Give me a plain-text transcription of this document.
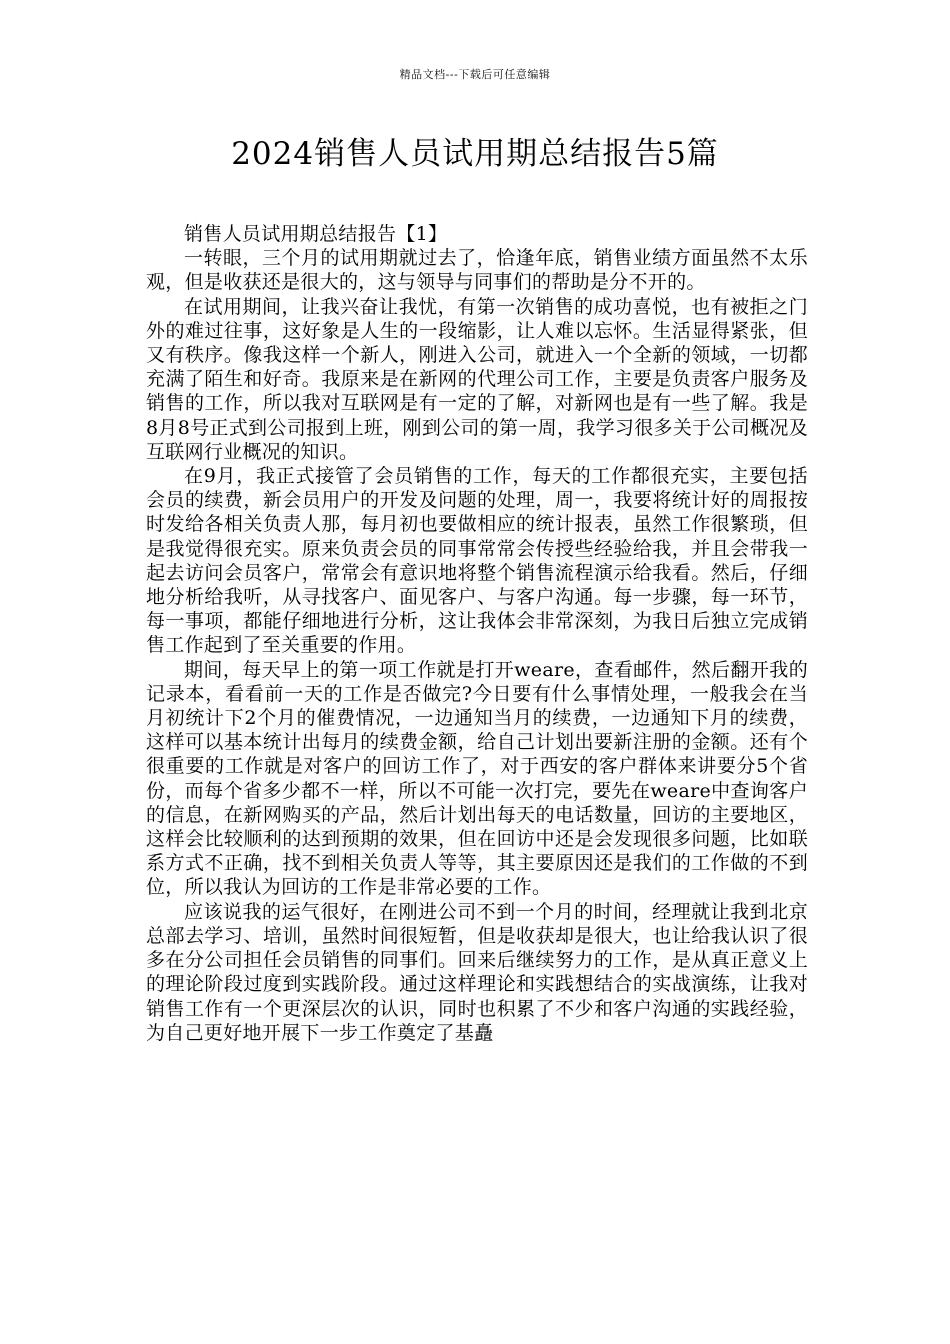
精品文档---下载后可任意编辑
2024销售人员试用期总结报告5篇

销售人员试用期总结报告【1】

一转眼，三个月的试用期就过去了，恰逢年底，销售业绩方面虽然不太乐观，但是收获还是很大的，这与领导与同事们的帮助是分不开的。

在试用期间，让我兴奋让我忧，有第一次销售的成功喜悦，也有被拒之门外的难过往事，这好象是人生的一段缩影，让人难以忘怀。生活显得紧张，但又有秩序。像我这样一个新人，刚进入公司，就进入一个全新的领域，一切都充满了陌生和好奇。我原来是在新网的代理公司工作，主要是负责客户服务及销售的工作，所以我对互联网是有一定的了解，对新网也是有一些了解。我是8月8号正式到公司报到上班，刚到公司的第一周，我学习很多关于公司概况及互联网行业概况的知识。

在9月，我正式接管了会员销售的工作，每天的工作都很充实，主要包括会员的续费，新会员用户的开发及问题的处理，周一，我要将统计好的周报按时发给各相关负责人那，每月初也要做相应的统计报表，虽然工作很繁琐，但是我觉得很充实。原来负责会员的同事常常会传授些经验给我，并且会带我一起去访问会员客户，常常会有意识地将整个销售流程演示给我看。然后，仔细地分析给我听，从寻找客户、面见客户、与客户沟通。每一步骤，每一环节，每一事项，都能仔细地进行分析，这让我体会非常深刻，为我日后独立完成销售工作起到了至关重要的作用。

期间，每天早上的第一项工作就是打开weare，查看邮件，然后翻开我的记录本，看看前一天的工作是否做完?今日要有什么事情处理，一般我会在当月初统计下2个月的催费情况，一边通知当月的续费，一边通知下月的续费，这样可以基本统计出每月的续费金额，给自己计划出要新注册的金额。还有个很重要的工作就是对客户的回访工作了，对于西安的客户群体来讲要分5个省份，而每个省多少都不一样，所以不可能一次打完，要先在weare中查询客户的信息，在新网购买的产品，然后计划出每天的电话数量，回访的主要地区，这样会比较顺利的达到预期的效果，但在回访中还是会发现很多问题，比如联系方式不正确，找不到相关负责人等等，其主要原因还是我们的工作做的不到位，所以我认为回访的工作是非常必要的工作。

应该说我的运气很好，在刚进公司不到一个月的时间，经理就让我到北京总部去学习、培训，虽然时间很短暂，但是收获却是很大，也让给我认识了很多在分公司担任会员销售的同事们。回来后继续努力的工作，是从真正意义上的理论阶段过度到实践阶段。通过这样理论和实践想结合的实战演练，让我对销售工作有一个更深层次的认识，同时也积累了不少和客户沟通的实践经验，为自己更好地开展下一步工作奠定了基矗
